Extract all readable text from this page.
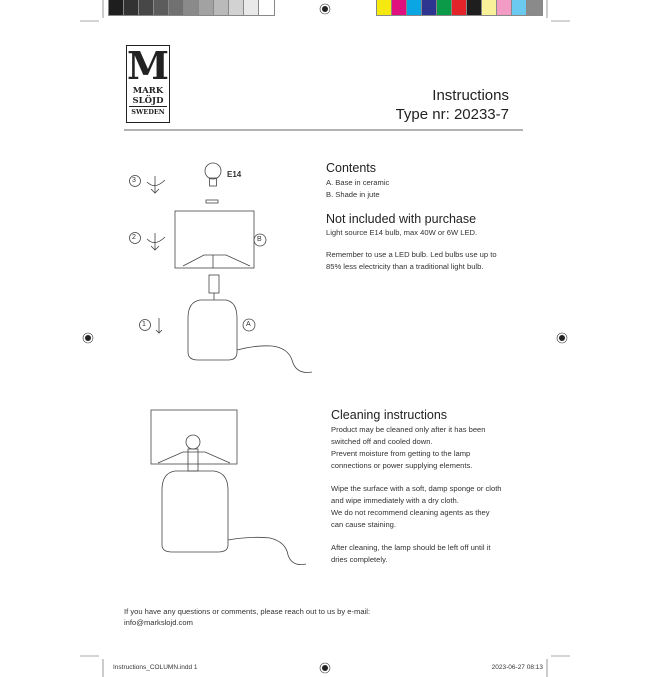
M
MARK
SLÖJD
SWEDEN
Instructions
Type nr: 20233-7
3
2
1
E14
B
A
Contents
A. Base in ceramic
B. Shade in jute
Not included with purchase
Light source E14 bulb, max 40W or 6W LED.
Remember to use a LED bulb. Led bulbs use up to
85% less electricity than a traditional light bulb.
Cleaning instructions
Product may be cleaned only after it has been
switched off and cooled down.
Prevent moisture from getting to the lamp
connections or power supplying elements.
Wipe the surface with a soft, damp sponge or cloth
and wipe immediately with a dry cloth.
We do not recommend cleaning agents as they
can cause staining.
After cleaning, the lamp should be left off until it
dries completely.
If you have any questions or comments, please reach out to us by e-mail:
info@markslojd.com
Instructions_COLUMN.indd 1	2023-06-27 08:13
